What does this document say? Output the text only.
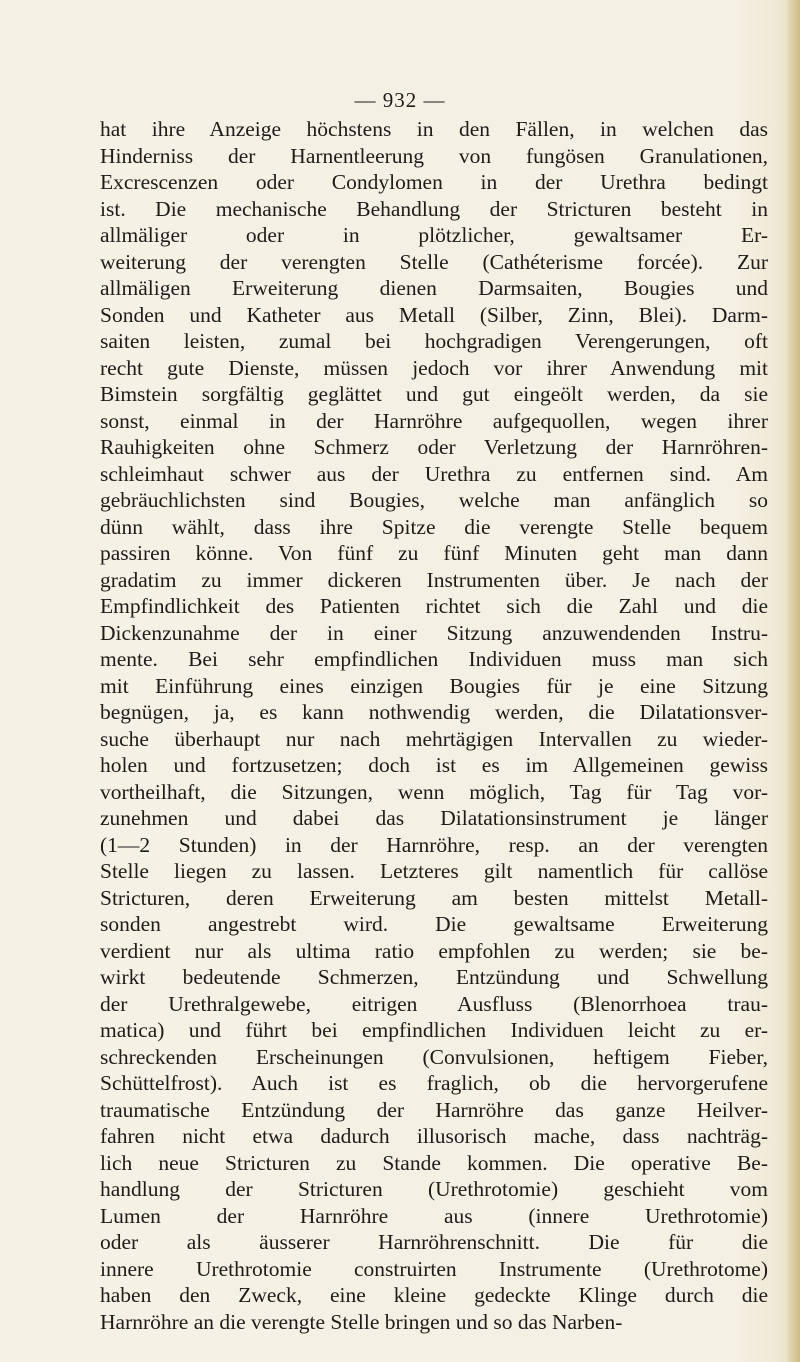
— 932 —
hat ihre Anzeige höchstens in den Fällen, in welchen das
Hinderniss der Harnentleerung von fungösen Granulationen,
Excrescenzen oder Condylomen in der Urethra bedingt
ist. Die mechanische Behandlung der Stricturen besteht in
allmäliger oder in plötzlicher, gewaltsamer Er-
weiterung der verengten Stelle (Cathéterisme forcée). Zur
allmäligen Erweiterung dienen Darmsaiten, Bougies und
Sonden und Katheter aus Metall (Silber, Zinn, Blei). Darm-
saiten leisten, zumal bei hochgradigen Verengerungen, oft
recht gute Dienste, müssen jedoch vor ihrer Anwendung mit
Bimstein sorgfältig geglättet und gut eingeölt werden, da sie
sonst, einmal in der Harnröhre aufgequollen, wegen ihrer
Rauhigkeiten ohne Schmerz oder Verletzung der Harnröhren-
schleimhaut schwer aus der Urethra zu entfernen sind. Am
gebräuchlichsten sind Bougies, welche man anfänglich so
dünn wählt, dass ihre Spitze die verengte Stelle bequem
passiren könne. Von fünf zu fünf Minuten geht man dann
gradatim zu immer dickeren Instrumenten über. Je nach der
Empfindlichkeit des Patienten richtet sich die Zahl und die
Dickenzunahme der in einer Sitzung anzuwendenden Instru-
mente. Bei sehr empfindlichen Individuen muss man sich
mit Einführung eines einzigen Bougies für je eine Sitzung
begnügen, ja, es kann nothwendig werden, die Dilatationsver-
suche überhaupt nur nach mehrtägigen Intervallen zu wieder-
holen und fortzusetzen; doch ist es im Allgemeinen gewiss
vortheilhaft, die Sitzungen, wenn möglich, Tag für Tag vor-
zunehmen und dabei das Dilatationsinstrument je länger
(1—2 Stunden) in der Harnröhre, resp. an der verengten
Stelle liegen zu lassen. Letzteres gilt namentlich für callöse
Stricturen, deren Erweiterung am besten mittelst Metall-
sonden angestrebt wird. Die gewaltsame Erweiterung
verdient nur als ultima ratio empfohlen zu werden; sie be-
wirkt bedeutende Schmerzen, Entzündung und Schwellung
der Urethralgewebe, eitrigen Ausfluss (Blenorrhoea trau-
matica) und führt bei empfindlichen Individuen leicht zu er-
schreckenden Erscheinungen (Convulsionen, heftigem Fieber,
Schüttelfrost). Auch ist es fraglich, ob die hervorgerufene
traumatische Entzündung der Harnröhre das ganze Heilver-
fahren nicht etwa dadurch illusorisch mache, dass nachträg-
lich neue Stricturen zu Stande kommen. Die operative Be-
handlung der Stricturen (Urethrotomie) geschieht vom
Lumen der Harnröhre aus (innere Urethrotomie)
oder als äusserer Harnröhrenschnitt. Die für die
innere Urethrotomie construirten Instrumente (Urethrotome)
haben den Zweck, eine kleine gedeckte Klinge durch die
Harnröhre an die verengte Stelle bringen und so das Narben-
